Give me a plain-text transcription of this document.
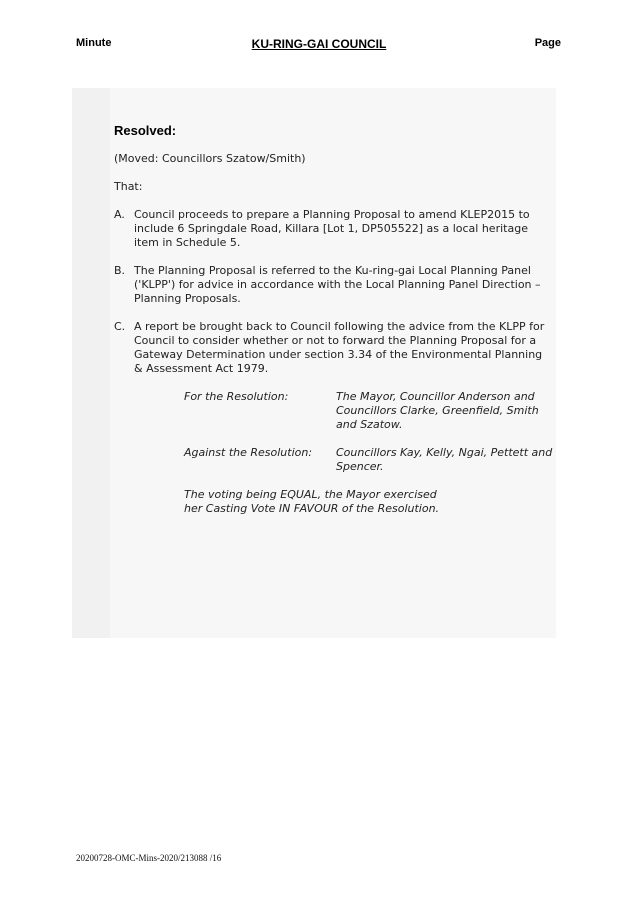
Minute	KU-RING-GAI COUNCIL	Page
Resolved:
(Moved: Councillors Szatow/Smith)
That:
A. Council proceeds to prepare a Planning Proposal to amend KLEP2015 to include 6 Springdale Road, Killara [Lot 1, DP505522] as a local heritage item in Schedule 5.
B. The Planning Proposal is referred to the Ku-ring-gai Local Planning Panel ('KLPP') for advice in accordance with the Local Planning Panel Direction – Planning Proposals.
C. A report be brought back to Council following the advice from the KLPP for Council to consider whether or not to forward the Planning Proposal for a Gateway Determination under section 3.34 of the Environmental Planning & Assessment Act 1979.
For the Resolution:	The Mayor, Councillor Anderson and Councillors Clarke, Greenfield, Smith and Szatow.
Against the Resolution:	Councillors Kay, Kelly, Ngai, Pettett and Spencer.
The voting being EQUAL, the Mayor exercised her Casting Vote IN FAVOUR of the Resolution.
20200728-OMC-Mins-2020/213088 /16
